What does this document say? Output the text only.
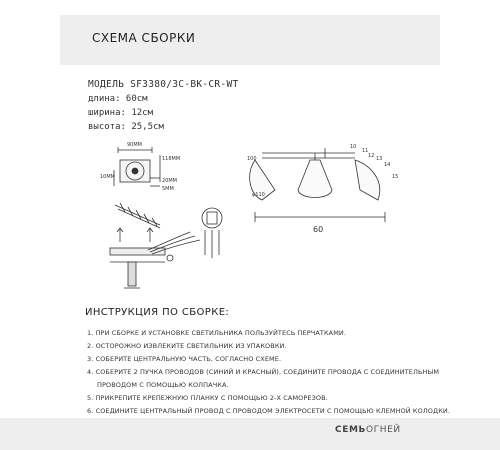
СХЕМА СБОРКИ
МОДЕЛЬ SF3380/3C-BK-CR-WT
длина: 60см
ширина: 12см
высота: 25,5см
90ММ
118ММ
10ММ
20ММ
5ММ
100
φ110
10
11
12 13
14
15
60
ИНСТРУКЦИЯ ПО СБОРКЕ:
1. ПРИ СБОРКЕ И УСТАНОВКЕ СВЕТИЛЬНИКА ПОЛЬЗУЙТЕСЬ ПЕРЧАТКАМИ.
2. ОСТОРОЖНО ИЗВЛЕКИТЕ СВЕТИЛЬНИК ИЗ УПАКОВКИ.
3. СОБЕРИТЕ ЦЕНТРАЛЬНУЮ ЧАСТЬ, СОГЛАСНО СХЕМЕ.
4. СОБЕРИТЕ 2 ПУЧКА ПРОВОДОВ (СИНИЙ И КРАСНЫЙ), СОЕДИНИТЕ ПРОВОДА С СОЕДИНИТЕЛЬНЫМ
ПРОВОДОМ С ПОМОЩЬЮ КОЛПАЧКА.
5. ПРИКРЕПИТЕ КРЕПЕЖНУЮ ПЛАНКУ С ПОМОЩЬЮ 2-Х САМОРЕЗОВ.
6. СОЕДИНИТЕ ЦЕНТРАЛЬНЫЙ ПРОВОД С ПРОВОДОМ ЭЛЕКТРОСЕТИ С ПОМОЩЬЮ КЛЕМНОЙ КОЛОДКИ.
СЕМЬОГНЕЙ
